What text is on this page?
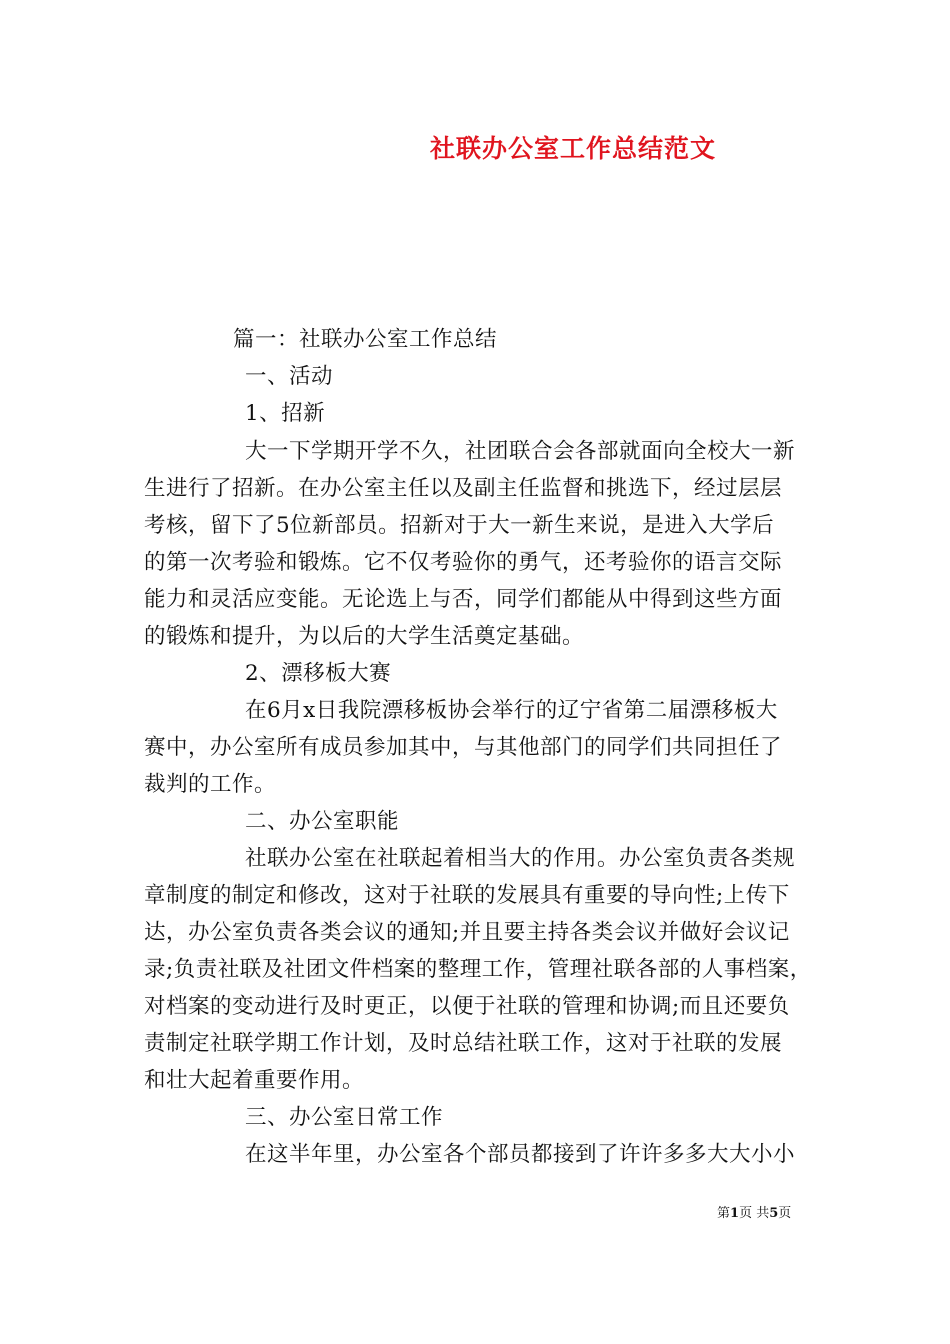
社联办公室工作总结范文
篇一：社联办公室工作总结
一、活动
1、招新
大一下学期开学不久，社团联合会各部就面向全校大一新
生进行了招新。在办公室主任以及副主任监督和挑选下，经过层层
考核，留下了5位新部员。招新对于大一新生来说，是进入大学后
的第一次考验和锻炼。它不仅考验你的勇气，还考验你的语言交际
能力和灵活应变能。无论选上与否，同学们都能从中得到这些方面
的锻炼和提升，为以后的大学生活奠定基础。
2、漂移板大赛
在6月x日我院漂移板协会举行的辽宁省第二届漂移板大
赛中，办公室所有成员参加其中，与其他部门的同学们共同担任了
裁判的工作。
二、办公室职能
社联办公室在社联起着相当大的作用。办公室负责各类规
章制度的制定和修改，这对于社联的发展具有重要的导向性;上传下
达，办公室负责各类会议的通知;并且要主持各类会议并做好会议记
录;负责社联及社团文件档案的整理工作，管理社联各部的人事档案，
对档案的变动进行及时更正，以便于社联的管理和协调;而且还要负
责制定社联学期工作计划，及时总结社联工作，这对于社联的发展
和壮大起着重要作用。
三、办公室日常工作
在这半年里，办公室各个部员都接到了许许多多大大小小
第1页 共5页
